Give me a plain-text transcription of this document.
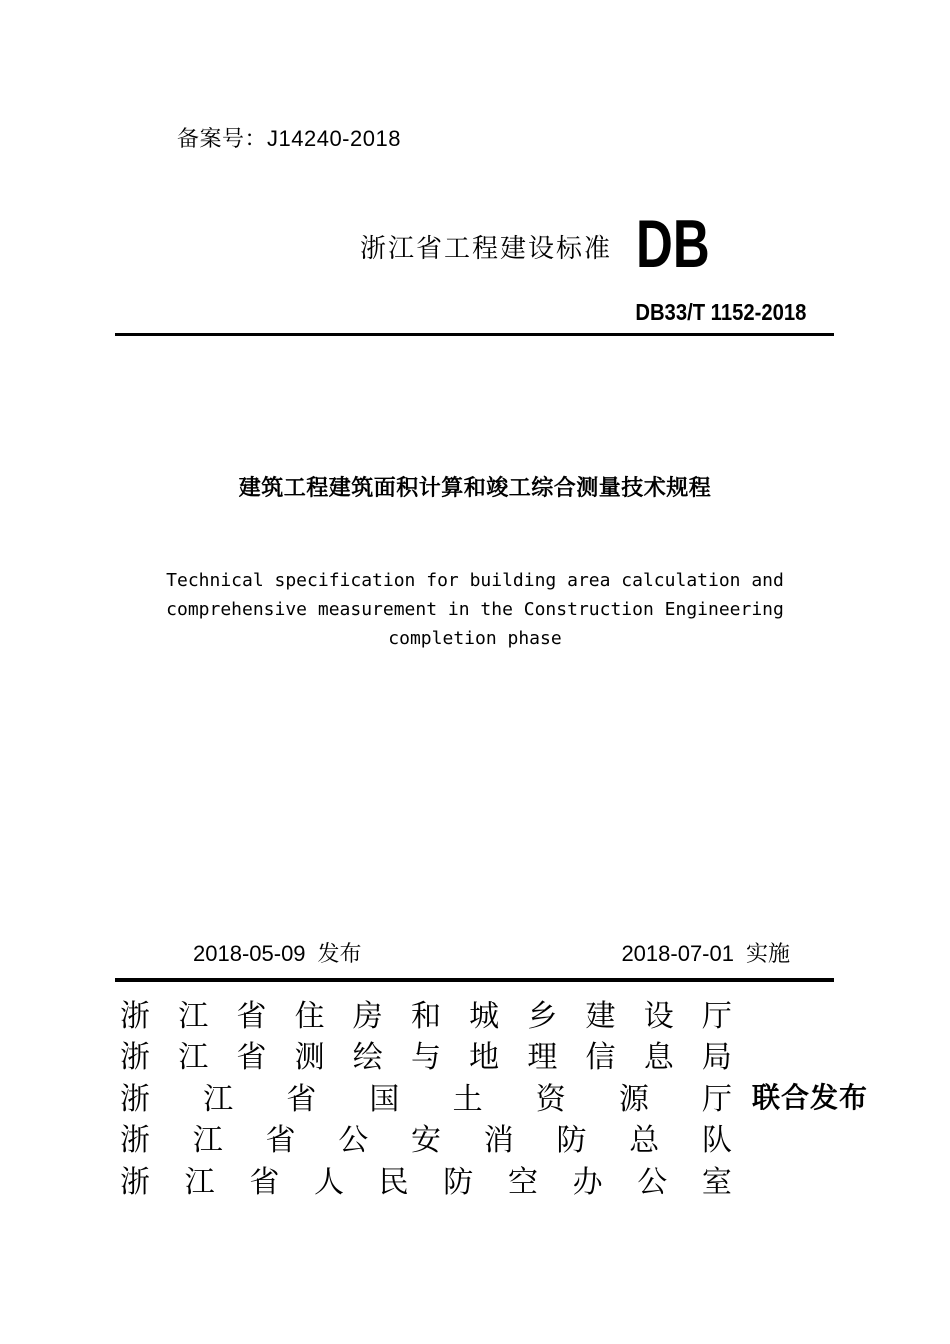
备案号：J14240-2018
浙江省工程建设标准 DB
DB33/T 1152-2018
建筑工程建筑面积计算和竣工综合测量技术规程
Technical specification for building area calculation and
comprehensive measurement in the Construction Engineering
completion phase
2018-05-09 发布	2018-07-01 实施
浙 江 省 住 房 和 城 乡 建 设 厅
浙 江 省 测 绘 与 地 理 信 息 局
浙 江 省 国 土 资 源 厅 联合发布
浙 江 省 公 安 消 防 总 队
浙 江 省 人 民 防 空 办 公 室
